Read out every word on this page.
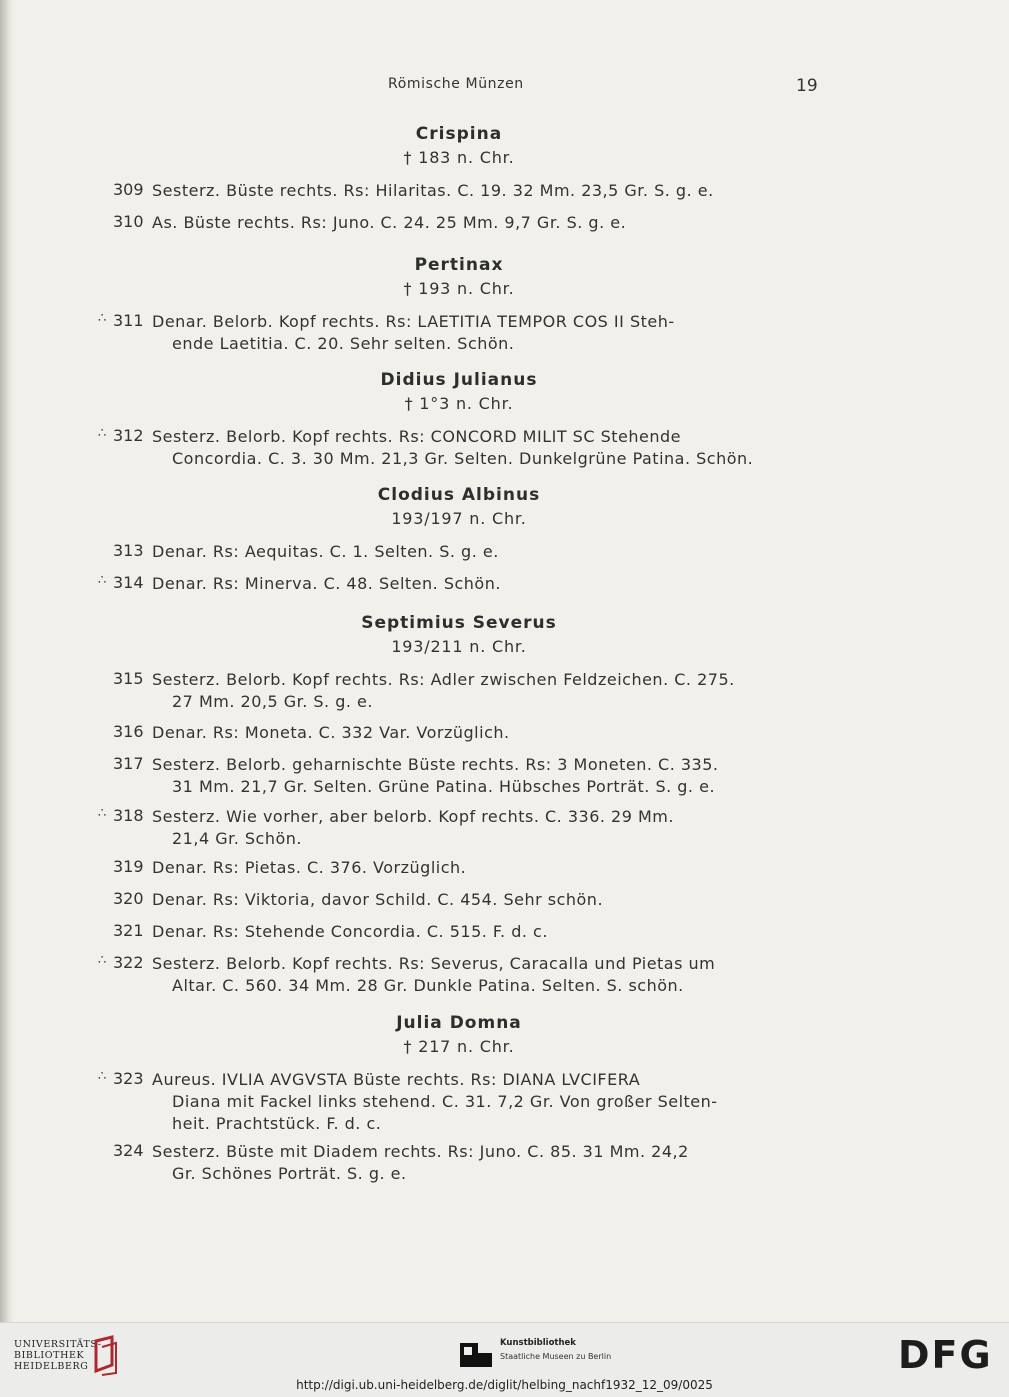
Römische Münzen	19
Crispina
† 183 n. Chr.
309 Sesterz. Büste rechts. Rs: Hilaritas. C. 19. 32 Mm. 23,5 Gr. S. g. e.
310 As. Büste rechts. Rs: Juno. C. 24. 25 Mm. 9,7 Gr. S. g. e.
Pertinax
† 193 n. Chr.
∴ 311 Denar. Belorb. Kopf rechts. Rs: LAETITIA TEMPOR COS II Steh-
ende Laetitia. C. 20. Sehr selten. Schön.
Didius Julianus
† 1°3 n. Chr.
∴ 312 Sesterz. Belorb. Kopf rechts. Rs: CONCORD MILIT SC Stehende
Concordia. C. 3. 30 Mm. 21,3 Gr. Selten. Dunkelgrüne Patina. Schön.
Clodius Albinus
193/197 n. Chr.
313 Denar. Rs: Aequitas. C. 1. Selten. S. g. e.
∴ 314 Denar. Rs: Minerva. C. 48. Selten. Schön.
Septimius Severus
193/211 n. Chr.
315 Sesterz. Belorb. Kopf rechts. Rs: Adler zwischen Feldzeichen. C. 275.
27 Mm. 20,5 Gr. S. g. e.
316 Denar. Rs: Moneta. C. 332 Var. Vorzüglich.
317 Sesterz. Belorb. geharnischte Büste rechts. Rs: 3 Moneten. C. 335.
31 Mm. 21,7 Gr. Selten. Grüne Patina. Hübsches Porträt. S. g. e.
∴ 318 Sesterz. Wie vorher, aber belorb. Kopf rechts. C. 336. 29 Mm.
21,4 Gr. Schön.
319 Denar. Rs: Pietas. C. 376. Vorzüglich.
320 Denar. Rs: Viktoria, davor Schild. C. 454. Sehr schön.
321 Denar. Rs: Stehende Concordia. C. 515. F. d. c.
∴ 322 Sesterz. Belorb. Kopf rechts. Rs: Severus, Caracalla und Pietas um
Altar. C. 560. 34 Mm. 28 Gr. Dunkle Patina. Selten. S. schön.
Julia Domna
† 217 n. Chr.
∴ 323 Aureus. IVLIA AVGVSTA Büste rechts. Rs: DIANA LVCIFERA
Diana mit Fackel links stehend. C. 31. 7,2 Gr. Von großer Selten-
heit. Prachtstück. F. d. c.
324 Sesterz. Büste mit Diadem rechts. Rs: Juno. C. 85. 31 Mm. 24,2
Gr. Schönes Porträt. S. g. e.
UNIVERSITÄTS-
BIBLIOTHEK
HEIDELBERG
Kunstbibliothek
Staatliche Museen zu Berlin	DFG
http://digi.ub.uni-heidelberg.de/diglit/helbing_nachf1932_12_09/0025
